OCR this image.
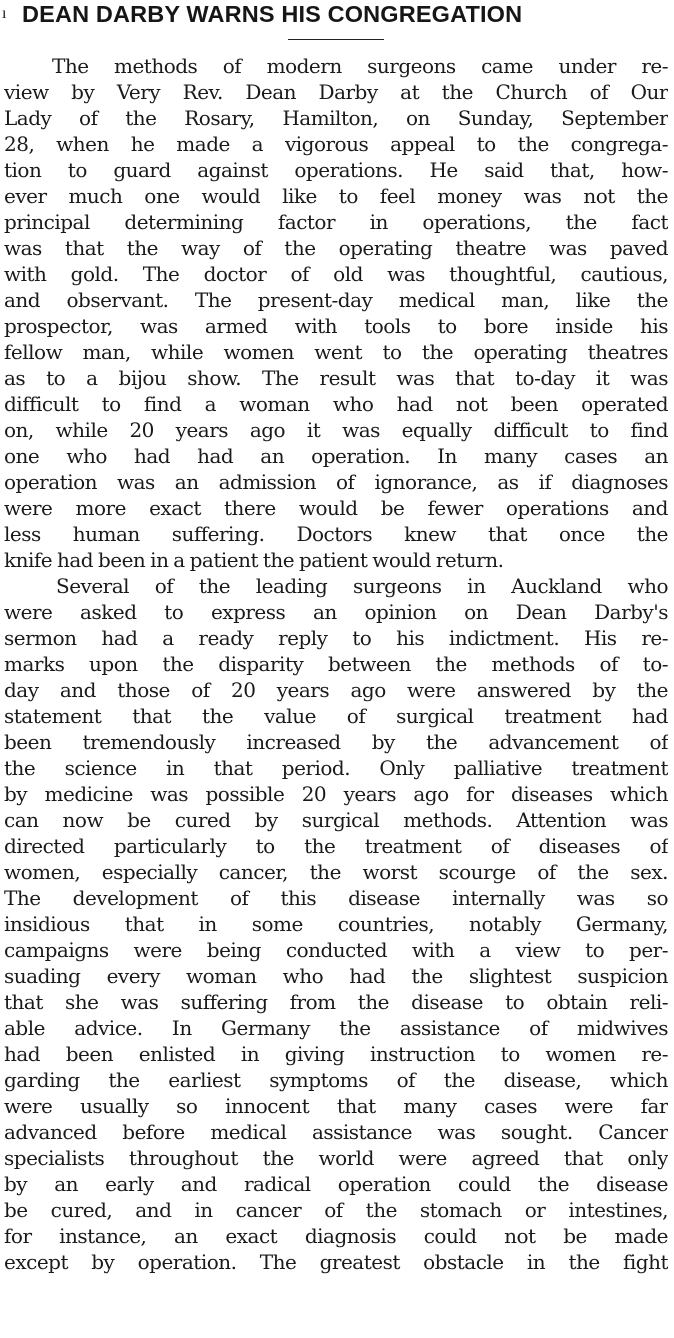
ı DEAN DARBY WARNS HIS CONGREGATION
The methods of modern surgeons came under re-
view by Very Rev. Dean Darby at the Church of Our
Lady of the Rosary, Hamilton, on Sunday, September
28, when he made a vigorous appeal to the congrega-
tion to guard against operations. He said that, how-
ever much one would like to feel money was not the
principal determining factor in operations, the fact
was that the way of the operating theatre was paved
with gold. The doctor of old was thoughtful, cautious,
and observant. The present-day medical man, like the
prospector, was armed with tools to bore inside his
fellow man, while women went to the operating theatres
as to a bijou show. The result was that to-day it was
difficult to find a woman who had not been operated
on, while 20 years ago it was equally difficult to find
one who had had an operation. In many cases an
operation was an admission of ignorance, as if diagnoses
were more exact there would be fewer operations and
less human suffering. Doctors knew that once the
knife had been in a patient the patient would return.
Several of the leading surgeons in Auckland who
were asked to express an opinion on Dean Darby's
sermon had a ready reply to his indictment. His re-
marks upon the disparity between the methods of to-
day and those of 20 years ago were answered by the
statement that the value of surgical treatment had
been tremendously increased by the advancement of
the science in that period. Only palliative treatment
by medicine was possible 20 years ago for diseases which
can now be cured by surgical methods. Attention was
directed particularly to the treatment of diseases of
women, especially cancer, the worst scourge of the sex.
The development of this disease internally was so
insidious that in some countries, notably Germany,
campaigns were being conducted with a view to per-
suading every woman who had the slightest suspicion
that she was suffering from the disease to obtain reli-
able advice. In Germany the assistance of midwives
had been enlisted in giving instruction to women re-
garding the earliest symptoms of the disease, which
were usually so innocent that many cases were far
advanced before medical assistance was sought. Cancer
specialists throughout the world were agreed that only
by an early and radical operation could the disease
be cured, and in cancer of the stomach or intestines,
for instance, an exact diagnosis could not be made
except by operation. The greatest obstacle in the fight
